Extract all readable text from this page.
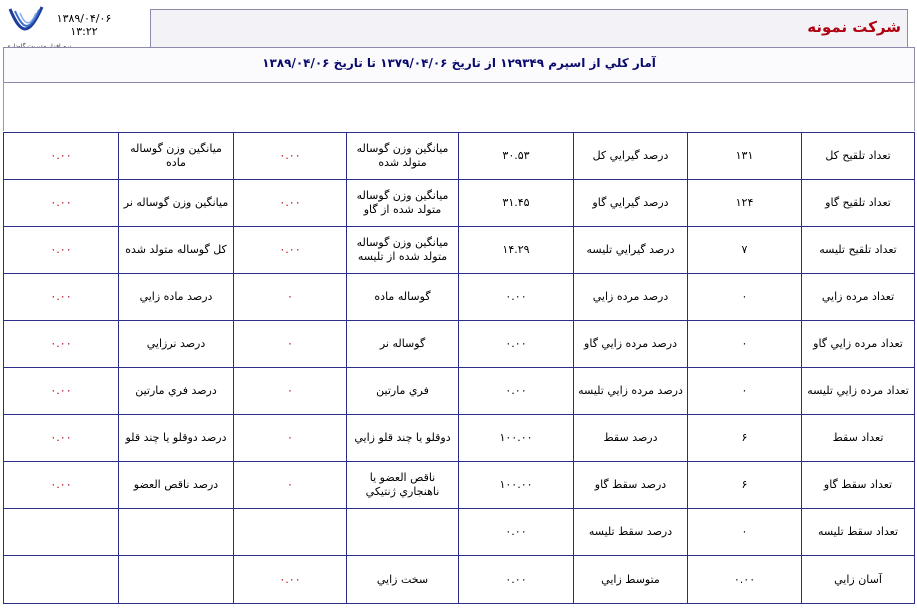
۱۳۸۹/۰۴/۰۶
۱۳:۲۲	شركت نمونه
آمار كلي از اسپرم ۱۲۹۳۴۹ از تاريخ ۱۳۷۹/۰۴/۰۶ تا تاريخ ۱۳۸۹/۰۴/۰۶
تعداد تلقيح كل	۱۳۱	درصد گيرايي كل	۳۰.۵۳	ميانگين وزن گوساله متولد شده	۰.۰۰	ميانگين وزن گوساله ماده	۰.۰۰
تعداد تلقيح گاو	۱۲۴	درصد گيرايي گاو	۳۱.۴۵	ميانگين وزن گوساله متولد شده از گاو	۰.۰۰	ميانگين وزن گوساله نر	۰.۰۰
تعداد تلقيح تليسه	۷	درصد گيرايي تليسه	۱۴.۲۹	ميانگين وزن گوساله متولد شده از تليسه	۰.۰۰	كل گوساله متولد شده	۰.۰۰
تعداد مرده زايي	۰	درصد مرده زايي	۰.۰۰	گوساله ماده	۰	درصد ماده زايي	۰.۰۰
تعداد مرده زايي گاو	۰	درصد مرده زايي گاو	۰.۰۰	گوساله نر	۰	درصد نرزايي	۰.۰۰
تعداد مرده زايي تليسه	۰	درصد مرده زايي تليسه	۰.۰۰	فري مارتين	۰	درصد فري مارتين	۰.۰۰
تعداد سقط	۶	درصد سقط	۱۰۰.۰۰	دوقلو يا چند قلو زايي	۰	درصد دوقلو يا چند قلو	۰.۰۰
تعداد سقط گاو	۶	درصد سقط گاو	۱۰۰.۰۰	ناقص العضو يا ناهنجاري ژنتيكي	۰	درصد ناقص العضو	۰.۰۰
تعداد سقط تليسه	۰	درصد سقط تليسه	۰.۰۰				
آسان زايي	۰.۰۰	متوسط زايي	۰.۰۰	سخت زايي	۰.۰۰		
